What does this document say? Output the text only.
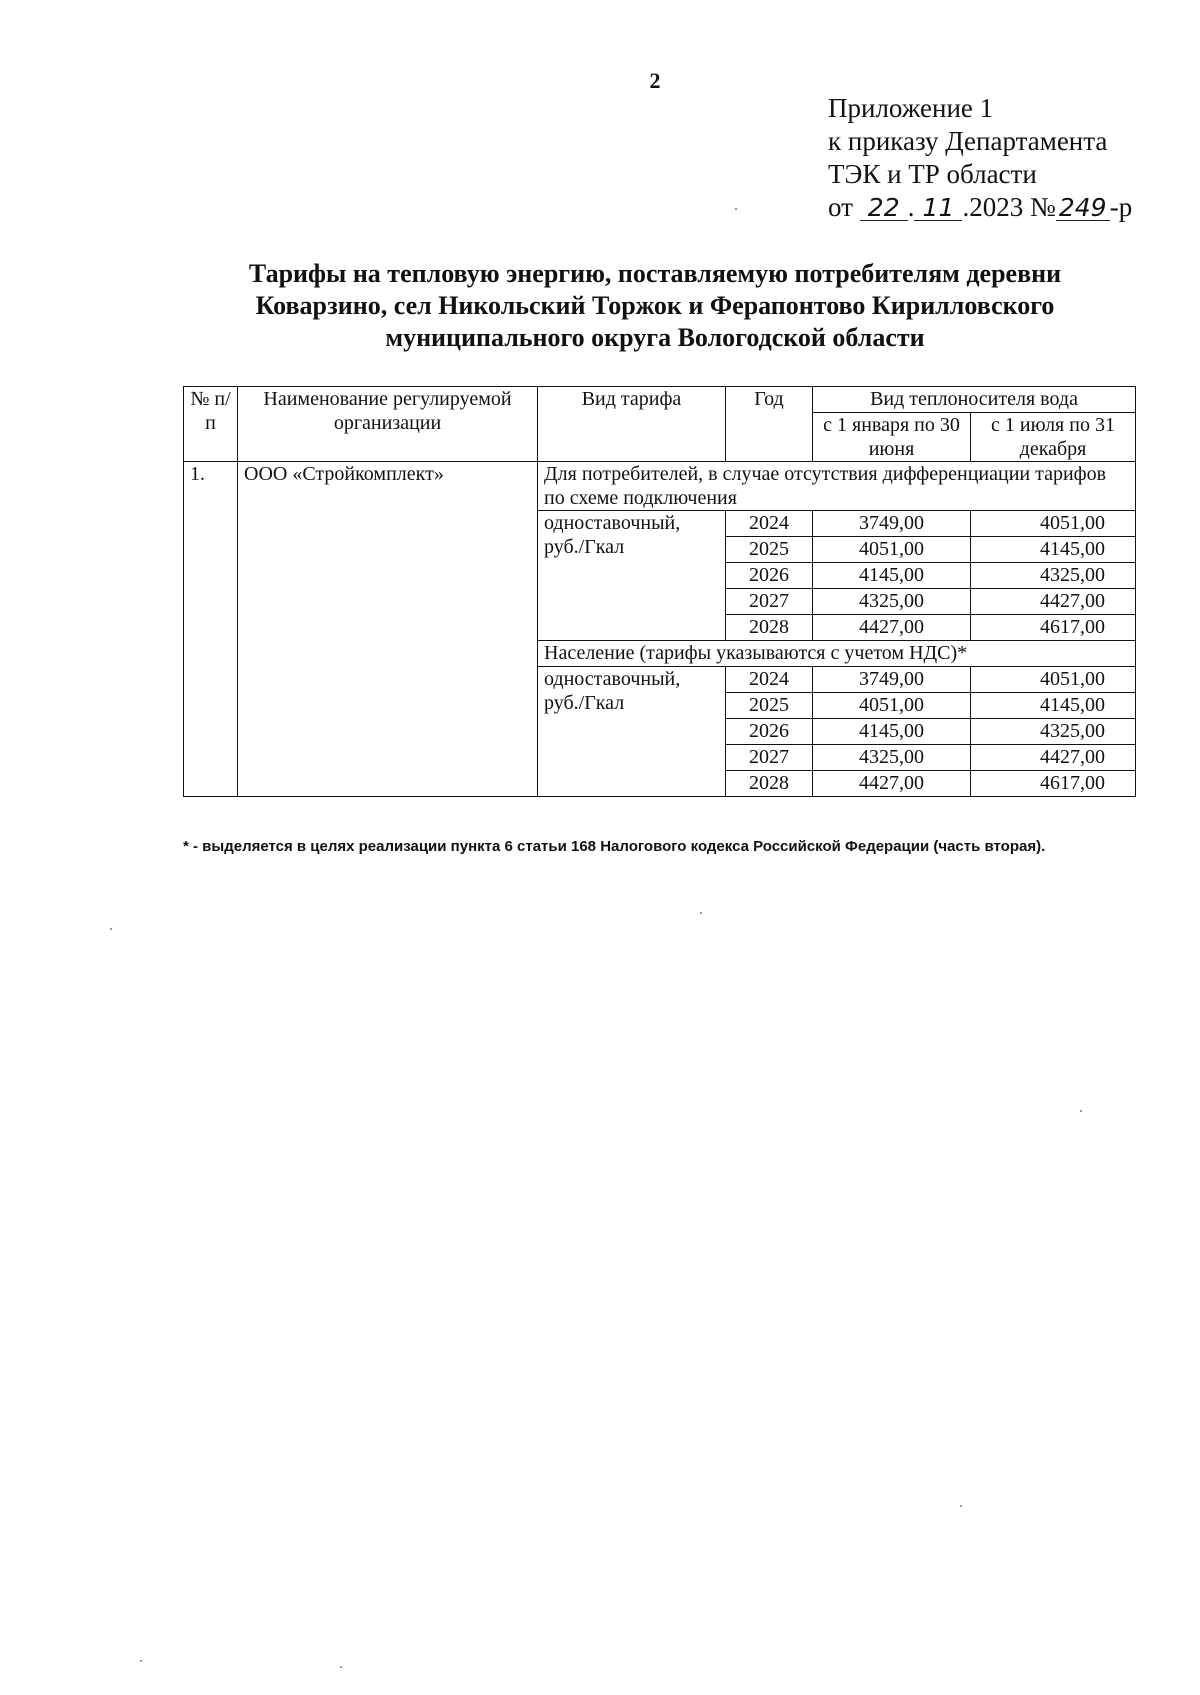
2
Приложение 1
к приказу Департамента
ТЭК и ТР области
от 22 . 11 .2023 № 249 -р
Тарифы на тепловую энергию, поставляемую потребителям деревни
Коварзино, сел Никольский Торжок и Ферапонтово Кирилловского
муниципального округа Вологодской области
№ п/п	Наименование регулируемой организации	Вид тарифа	Год	Вид теплоносителя вода	
				с 1 января по 30 июня	с 1 июля по 31 декабря
1.	ООО «Стройкомплект»	Для потребителей, в случае отсутствия дифференциации тарифов по схеме подключения			
		одноставочный, руб./Гкал	2024	3749,00	4051,00
			2025	4051,00	4145,00
			2026	4145,00	4325,00
			2027	4325,00	4427,00
			2028	4427,00	4617,00
		Население (тарифы указываются с учетом НДС)*			
		одноставочный, руб./Гкал	2024	3749,00	4051,00
			2025	4051,00	4145,00
			2026	4145,00	4325,00
			2027	4325,00	4427,00
			2028	4427,00	4617,00
* - выделяется в целях реализации пункта 6 статьи 168 Налогового кодекса Российской Федерации (часть вторая).
